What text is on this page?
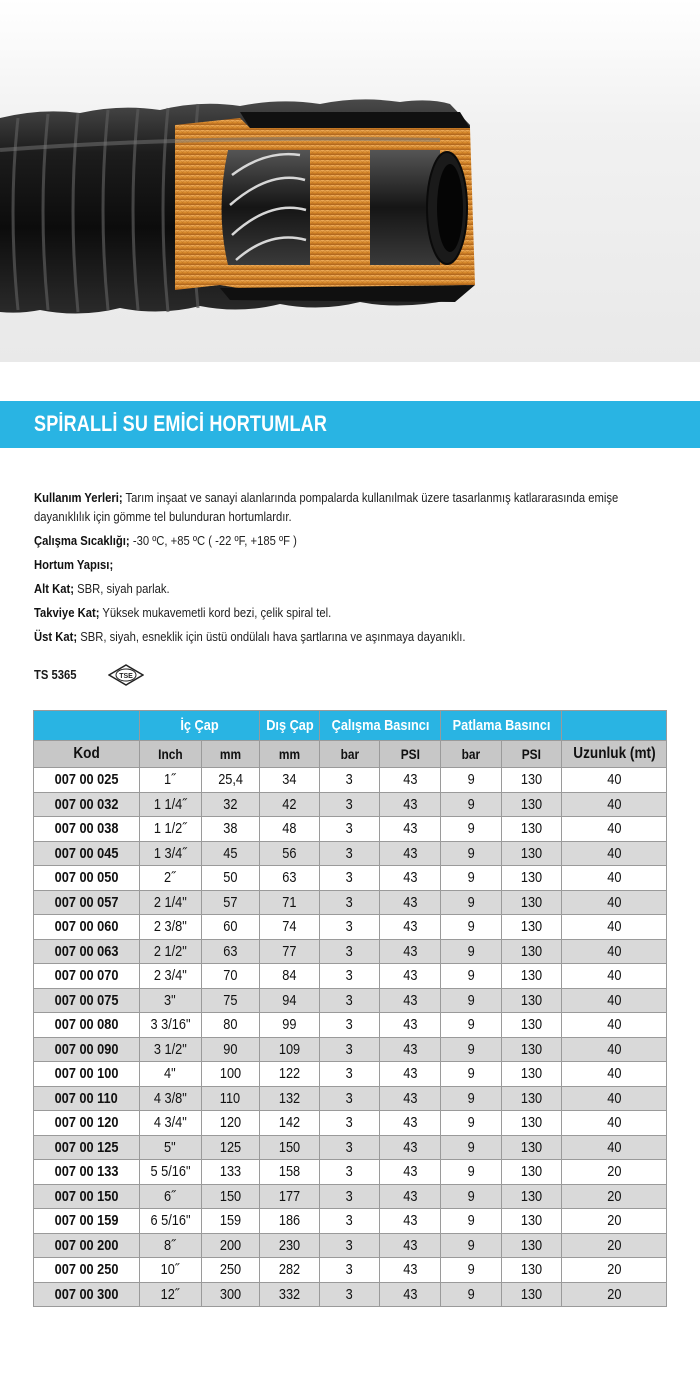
SPİRALLİ SU EMİCİ HORTUMLAR

Kullanım Yerleri; Tarım inşaat ve sanayi alanlarında pompalarda kullanılmak üzere tasarlanmış katlararasında emişe dayanıklılık için gömme tel bulunduran hortumlardır.

Çalışma Sıcaklığı; -30 ºC, +85 ºC ( -22 ºF, +185 ºF )

Hortum Yapısı;

Alt Kat; SBR, siyah parlak.

Takviye Kat; Yüksek mukavemetli kord bezi, çelik spiral tel.

Üst Kat; SBR, siyah, esneklik için üstü ondülalı hava şartlarına ve aşınmaya dayanıklı.

TS 5365	TSE
	İç Çap		Dış Çap	Çalışma Basıncı		Patlama Basıncı		
Kod	Inch	mm	mm	bar	PSI	bar	PSI	Uzunluk (mt)
007 00 025	1˝	25,4	34	3	43	9	130	40
007 00 032	1 1/4˝	32	42	3	43	9	130	40
007 00 038	1 1/2˝	38	48	3	43	9	130	40
007 00 045	1 3/4˝	45	56	3	43	9	130	40
007 00 050	2˝	50	63	3	43	9	130	40
007 00 057	2 1/4"	57	71	3	43	9	130	40
007 00 060	2 3/8"	60	74	3	43	9	130	40
007 00 063	2 1/2"	63	77	3	43	9	130	40
007 00 070	2 3/4"	70	84	3	43	9	130	40
007 00 075	3"	75	94	3	43	9	130	40
007 00 080	3 3/16"	80	99	3	43	9	130	40
007 00 090	3 1/2"	90	109	3	43	9	130	40
007 00 100	4"	100	122	3	43	9	130	40
007 00 110	4 3/8"	110	132	3	43	9	130	40
007 00 120	4 3/4"	120	142	3	43	9	130	40
007 00 125	5"	125	150	3	43	9	130	40
007 00 133	5 5/16"	133	158	3	43	9	130	20
007 00 150	6˝	150	177	3	43	9	130	20
007 00 159	6 5/16"	159	186	3	43	9	130	20
007 00 200	8˝	200	230	3	43	9	130	20
007 00 250	10˝	250	282	3	43	9	130	20
007 00 300	12˝	300	332	3	43	9	130	20
